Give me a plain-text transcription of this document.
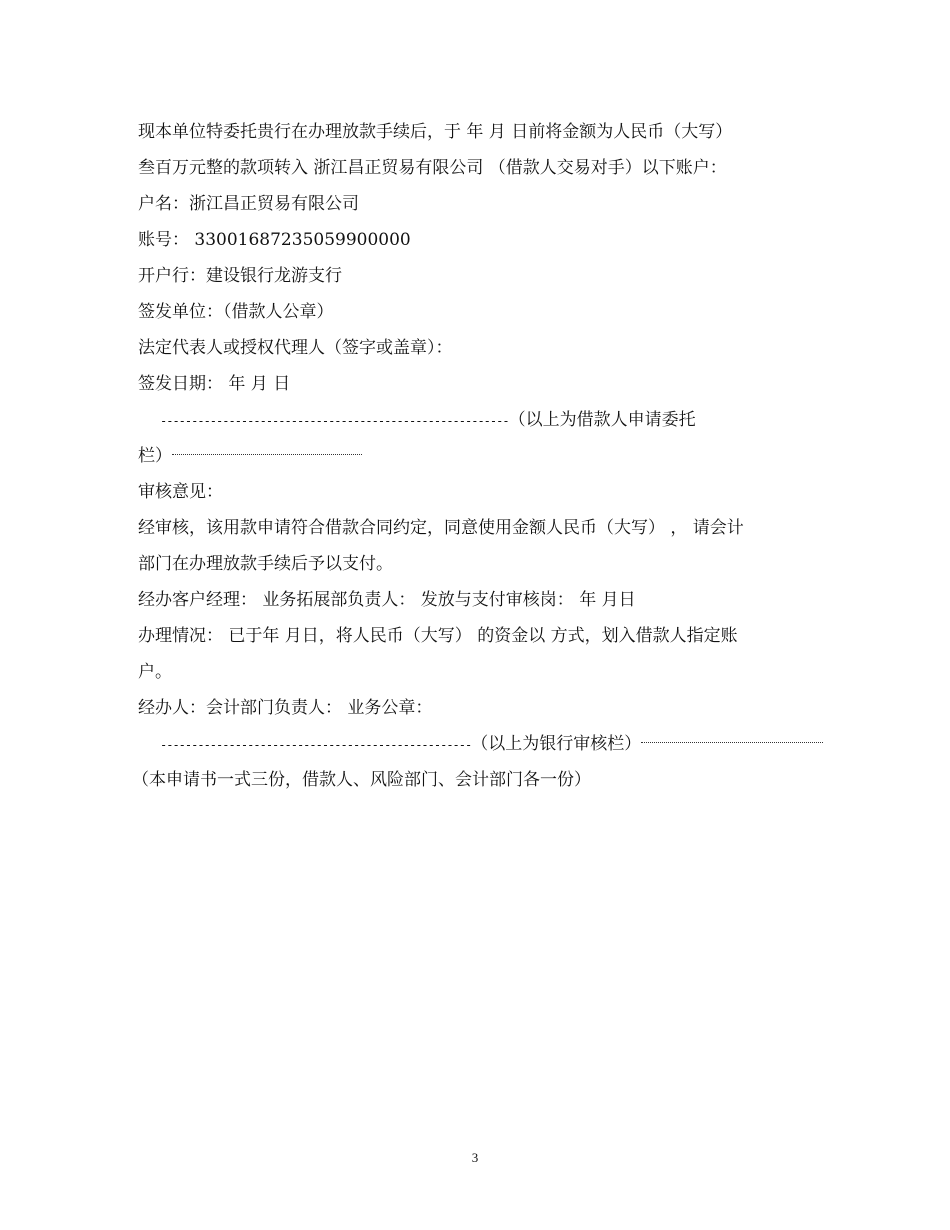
现本单位特委托贵行在办理放款手续后，于 年 月 日前将金额为人民币（大写）
叁百万元整的款项转入 浙江昌正贸易有限公司 （借款人交易对手）以下账户：
户名：浙江昌正贸易有限公司
账号： 33001687235059900000
开户行：建设银行龙游支行
签发单位：（借款人公章）
法定代表人或授权代理人（签字或盖章）：
签发日期： 年 月 日
--------------------------------------------------------（以上为借款人申请委托
栏）
审核意见：
经审核，该用款申请符合借款合同约定，同意使用金额人民币（大写） ， 请会计
部门在办理放款手续后予以支付。
经办客户经理： 业务拓展部负责人： 发放与支付审核岗： 年 月日
办理情况： 已于年 月日，将人民币（大写） 的资金以 方式，划入借款人指定账
户。
经办人：会计部门负责人： 业务公章：
--------------------------------------------------（以上为银行审核栏）
（本申请书一式三份，借款人、风险部门、会计部门各一份）
3
